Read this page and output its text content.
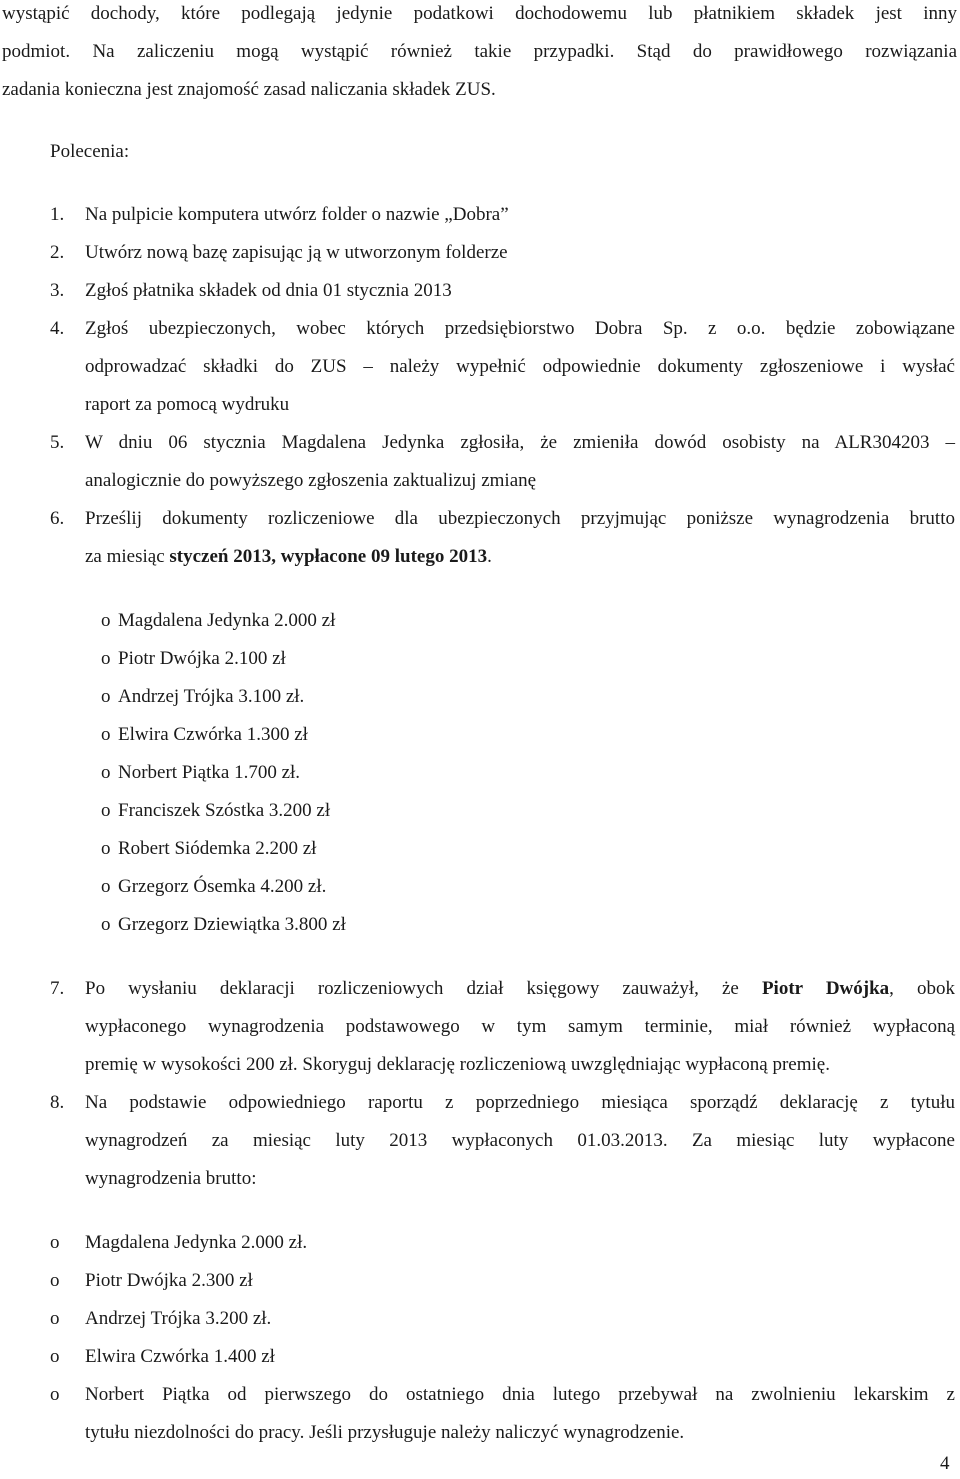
wystąpić dochody, które podlegają jedynie podatkowi dochodowemu lub płatnikiem składek jest inny
podmiot. Na zaliczeniu mogą wystąpić również takie przypadki. Stąd do prawidłowego rozwiązania
zadania konieczna jest znajomość zasad naliczania składek ZUS.
Polecenia:
1. Na pulpicie komputera utwórz folder o nazwie „Dobra”
2. Utwórz nową bazę zapisując ją w utworzonym folderze
3. Zgłoś płatnika składek od dnia 01 stycznia 2013
4. Zgłoś ubezpieczonych, wobec których przedsiębiorstwo Dobra Sp. z o.o. będzie zobowiązane
odprowadzać składki do ZUS – należy wypełnić odpowiednie dokumenty zgłoszeniowe i wysłać
raport za pomocą wydruku
5. W dniu 06 stycznia Magdalena Jedynka zgłosiła, że zmieniła dowód osobisty na ALR304203 –
analogicznie do powyższego zgłoszenia zaktualizuj zmianę
6. Prześlij dokumenty rozliczeniowe dla ubezpieczonych przyjmując poniższe wynagrodzenia brutto
za miesiąc styczeń 2013, wypłacone 09 lutego 2013.
o Magdalena Jedynka 2.000 zł
o Piotr Dwójka 2.100 zł
o Andrzej Trójka 3.100 zł.
o Elwira Czwórka 1.300 zł
o Norbert Piątka 1.700 zł.
o Franciszek Szóstka 3.200 zł
o Robert Siódemka 2.200 zł
o Grzegorz Ósemka 4.200 zł.
o Grzegorz Dziewiątka 3.800 zł
7. Po wysłaniu deklaracji rozliczeniowych dział księgowy zauważył, że Piotr Dwójka, obok
wypłaconego wynagrodzenia podstawowego w tym samym terminie, miał również wypłaconą
premię w wysokości 200 zł. Skoryguj deklarację rozliczeniową uwzględniając wypłaconą premię.
8. Na podstawie odpowiedniego raportu z poprzedniego miesiąca sporządź deklarację z tytułu
wynagrodzeń za miesiąc luty 2013 wypłaconych 01.03.2013. Za miesiąc luty wypłacone
wynagrodzenia brutto:
o Magdalena Jedynka 2.000 zł.
o Piotr Dwójka 2.300 zł
o Andrzej Trójka 3.200 zł.
o Elwira Czwórka 1.400 zł
o Norbert Piątka od pierwszego do ostatniego dnia lutego przebywał na zwolnieniu lekarskim z
tytułu niezdolności do pracy. Jeśli przysługuje należy naliczyć wynagrodzenie.
4
